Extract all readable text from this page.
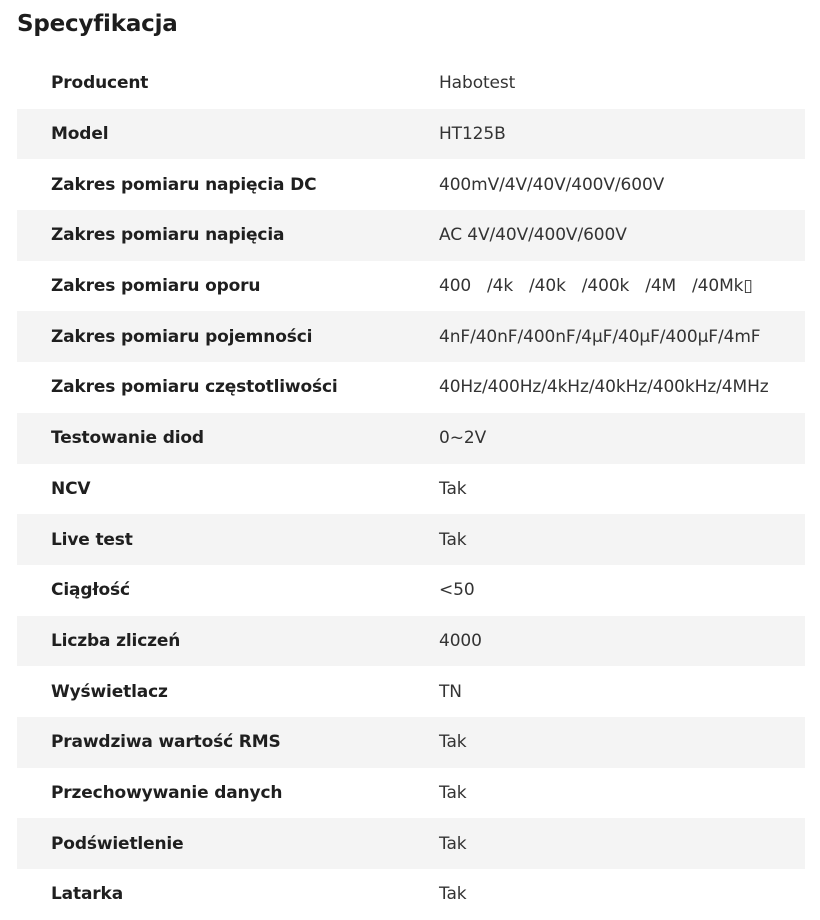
Specyfikacja
Producent	Habotest
Model	HT125B
Zakres pomiaru napięcia DC	400mV/4V/40V/400V/600V
Zakres pomiaru napięcia	AC 4V/40V/400V/600V
Zakres pomiaru oporu	400   /4k   /40k   /400k   /4M   /40Mk▯
Zakres pomiaru pojemności	4nF/40nF/400nF/4μF/40μF/400μF/4mF
Zakres pomiaru częstotliwości	40Hz/400Hz/4kHz/40kHz/400kHz/4MHz
Testowanie diod	0~2V
NCV	Tak
Live test	Tak
Ciągłość	<50
Liczba zliczeń	4000
Wyświetlacz	TN
Prawdziwa wartość RMS	Tak
Przechowywanie danych	Tak
Podświetlenie	Tak
Latarka	Tak
